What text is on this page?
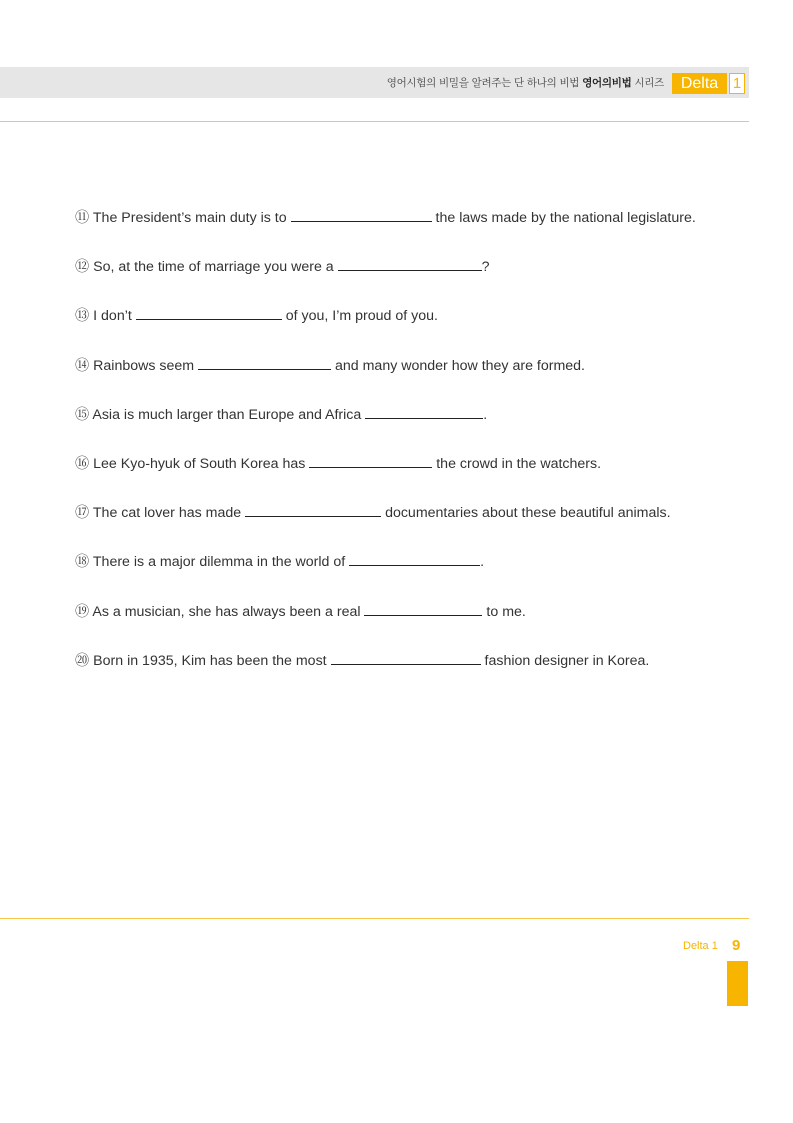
영어시험의 비밀을 알려주는 단 하나의 비법 영어의비법 시리즈	Delta 1
⑪ The President’s main duty is to	the laws made by the national legislature.
⑫ So, at the time of marriage you were a	?
⑬ I don’t	of you, I’m proud of you.
⑭ Rainbows seem	and many wonder how they are formed.
⑮ Asia is much larger than Europe and Africa	.
⑯ Lee Kyo-hyuk of South Korea has	the crowd in the watchers.
⑰ The cat lover has made	documentaries about these beautiful animals.
⑱ There is a major dilemma in the world of	.
⑲ As a musician, she has always been a real	to me.
⑳ Born in 1935, Kim has been the most	fashion designer in Korea.
Delta 1 9
